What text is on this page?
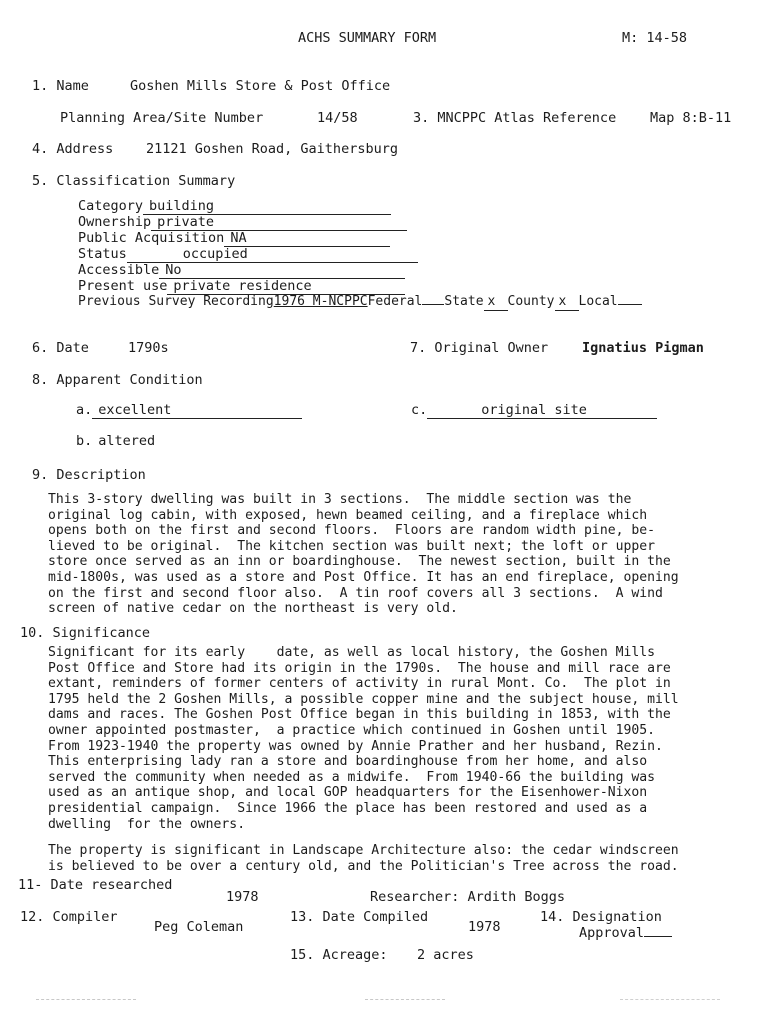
ACHS SUMMARY FORM	M: 14-58
1. Name	Goshen Mills Store & Post Office
Planning Area/Site Number	14/58	3. MNCPPC Atlas Reference	Map 8:B-11
4. Address 21121 Goshen Road, Gaithersburg
5. Classification Summary
Category building
Ownership private
Public Acquisition NA
Status	occupied
Accessible No
Present use private residence
Previous Survey Recording1976 M-NCPPCFederal State x County x Local
6. Date	1790s	7. Original Owner	Ignatius Pigman
8. Apparent Condition
a. excellent	c.	original site
b. altered
9. Description
This 3-story dwelling was built in 3 sections.  The middle section was the
original log cabin, with exposed, hewn beamed ceiling, and a fireplace which
opens both on the first and second floors.  Floors are random width pine, be-
lieved to be original.  The kitchen section was built next; the loft or upper
store once served as an inn or boardinghouse.  The newest section, built in the
mid-1800s, was used as a store and Post Office. It has an end fireplace, opening
on the first and second floor also.  A tin roof covers all 3 sections.  A wind
screen of native cedar on the northeast is very old.
10. Significance
Significant for its early    date, as well as local history, the Goshen Mills
Post Office and Store had its origin in the 1790s.  The house and mill race are
extant, reminders of former centers of activity in rural Mont. Co.  The plot in
1795 held the 2 Goshen Mills, a possible copper mine and the subject house, mill
dams and races. The Goshen Post Office began in this building in 1853, with the
owner appointed postmaster,  a practice which continued in Goshen until 1905.
From 1923-1940 the property was owned by Annie Prather and her husband, Rezin.
This enterprising lady ran a store and boardinghouse from her home, and also
served the community when needed as a midwife.  From 1940-66 the building was
used as an antique shop, and local GOP headquarters for the Eisenhower-Nixon
presidential campaign.  Since 1966 the place has been restored and used as a
dwelling  for the owners.
The property is significant in Landscape Architecture also: the cedar windscreen
is believed to be over a century old, and the Politician's Tree across the road.
11- Date researched
1978	Researcher: Ardith Boggs
12. Compiler
Peg Coleman
13. Date Compiled
1978
14. Designation
Approval
15. Acreage: 2 acres
